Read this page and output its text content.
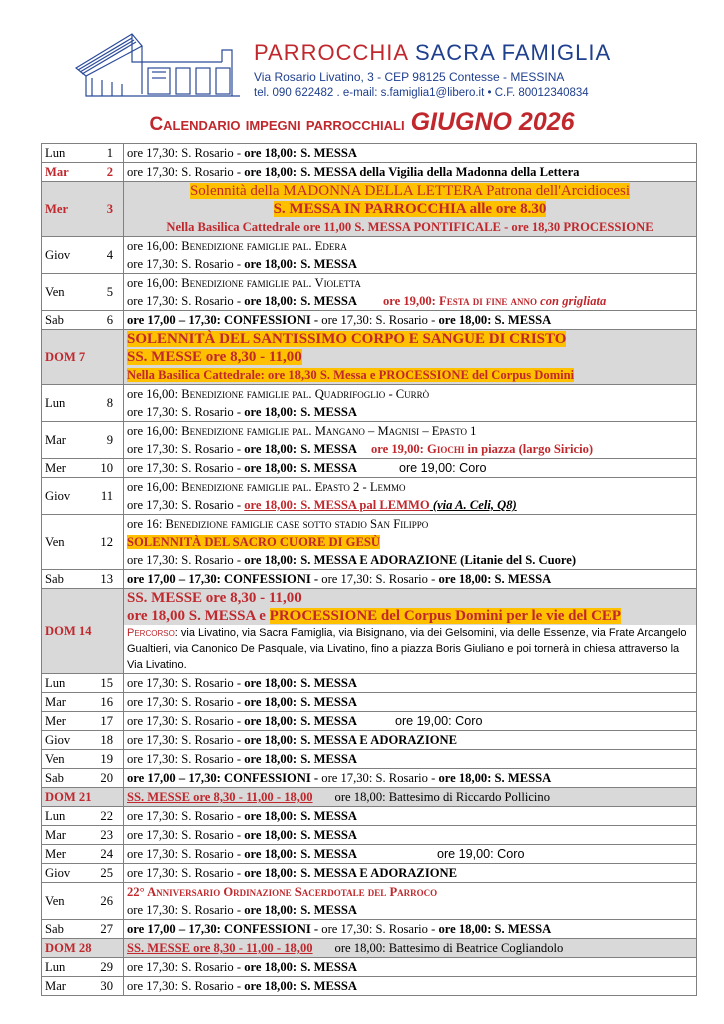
PARROCCHIA SACRA FAMIGLIA
Via Rosario Livatino, 3 - CEP 98125 Contesse - MESSINA
tel. 090 622482 . e-mail: s.famiglia1@libero.it • C.F. 80012340834
Calendario impegni parrocchiali GIUGNO 2026
Lun 1	ore 17,30: S. Rosario - ore 18,00: S. MESSA
Mar 2	ore 17,30: S. Rosario - ore 18,00: S. MESSA della Vigilia della Madonna della Lettera
Mer 3	Solennità della MADONNA DELLA LETTERA Patrona dell'Arcidiocesi
S. MESSA IN PARROCCHIA alle ore 8.30
Nella Basilica Cattedrale ore 11,00 S. MESSA PONTIFICALE - ore 18,30 PROCESSIONE

Giov 4	ore 16,00: Benedizione famiglie pal. Edera
ore 17,30: S. Rosario - ore 18,00: S. MESSA

Ven 5	ore 16,00: Benedizione famiglie pal. Violetta
ore 17,30: S. Rosario - ore 18,00: S. MESSA ore 19,00: Festa di fine anno con grigliata

Sab 6	ore 17,00 – 17,30: CONFESSIONI - ore 17,30: S. Rosario - ore 18,00: S. MESSA
DOM 7	SOLENNITÀ DEL SANTISSIMO CORPO E SANGUE DI CRISTO
SS. MESSE ore 8,30 - 11,00
Nella Basilica Cattedrale: ore 18,30 S. Messa e PROCESSIONE del Corpus Domini

Lun 8	ore 16,00: Benedizione famiglie pal. Quadrifoglio - Currò
ore 17,30: S. Rosario - ore 18,00: S. MESSA

Mar 9	ore 16,00: Benedizione famiglie pal. Mangano – Magnisi – Epasto 1
ore 17,30: S. Rosario - ore 18,00: S. MESSA ore 19,00: Giochi in piazza (largo Siricio)

Mer 10	ore 17,30: S. Rosario - ore 18,00: S. MESSA ore 19,00: Coro
Giov 11	ore 16,00: Benedizione famiglie pal. Epasto 2 - Lemmo
ore 17,30: S. Rosario - ore 18,00: S. MESSA pal LEMMO (via A. Celi, Q8)

Ven 12	ore 16: Benedizione famiglie case sotto stadio San Filippo
SOLENNITÀ DEL SACRO CUORE DI GESÙ
ore 17,30: S. Rosario - ore 18,00: S. MESSA E ADORAZIONE (Litanie del S. Cuore)

Sab 13	ore 17,00 – 17,30: CONFESSIONI - ore 17,30: S. Rosario - ore 18,00: S. MESSA
DOM 14	SS. MESSE ore 8,30 - 11,00
ore 18,00 S. MESSA e PROCESSIONE del Corpus Domini per le vie del CEP
Percorso: via Livatino, via Sacra Famiglia, via Bisignano, via dei Gelsomini, via delle Essenze, via Frate Arcangelo Gualtieri, via Canonico De Pasquale, via Livatino, fino a piazza Boris Giuliano e poi tornerà in chiesa attraverso la Via Livatino.

Lun 15	ore 17,30: S. Rosario - ore 18,00: S. MESSA
Mar 16	ore 17,30: S. Rosario - ore 18,00: S. MESSA
Mer 17	ore 17,30: S. Rosario - ore 18,00: S. MESSA ore 19,00: Coro
Giov 18	ore 17,30: S. Rosario - ore 18,00: S. MESSA E ADORAZIONE
Ven 19	ore 17,30: S. Rosario - ore 18,00: S. MESSA
Sab 20	ore 17,00 – 17,30: CONFESSIONI - ore 17,30: S. Rosario - ore 18,00: S. MESSA
DOM 21	SS. MESSE ore 8,30 - 11,00 - 18,00 ore 18,00: Battesimo di Riccardo Pollicino
Lun 22	ore 17,30: S. Rosario - ore 18,00: S. MESSA
Mar 23	ore 17,30: S. Rosario - ore 18,00: S. MESSA
Mer 24	ore 17,30: S. Rosario - ore 18,00: S. MESSA ore 19,00: Coro
Giov 25	ore 17,30: S. Rosario - ore 18,00: S. MESSA E ADORAZIONE
Ven 26	22° Anniversario Ordinazione Sacerdotale del Parroco
ore 17,30: S. Rosario - ore 18,00: S. MESSA

Sab 27	ore 17,00 – 17,30: CONFESSIONI - ore 17,30: S. Rosario - ore 18,00: S. MESSA
DOM 28	SS. MESSE ore 8,30 - 11,00 - 18,00 ore 18,00: Battesimo di Beatrice Cogliandolo
Lun 29	ore 17,30: S. Rosario - ore 18,00: S. MESSA
Mar 30	ore 17,30: S. Rosario - ore 18,00: S. MESSA
